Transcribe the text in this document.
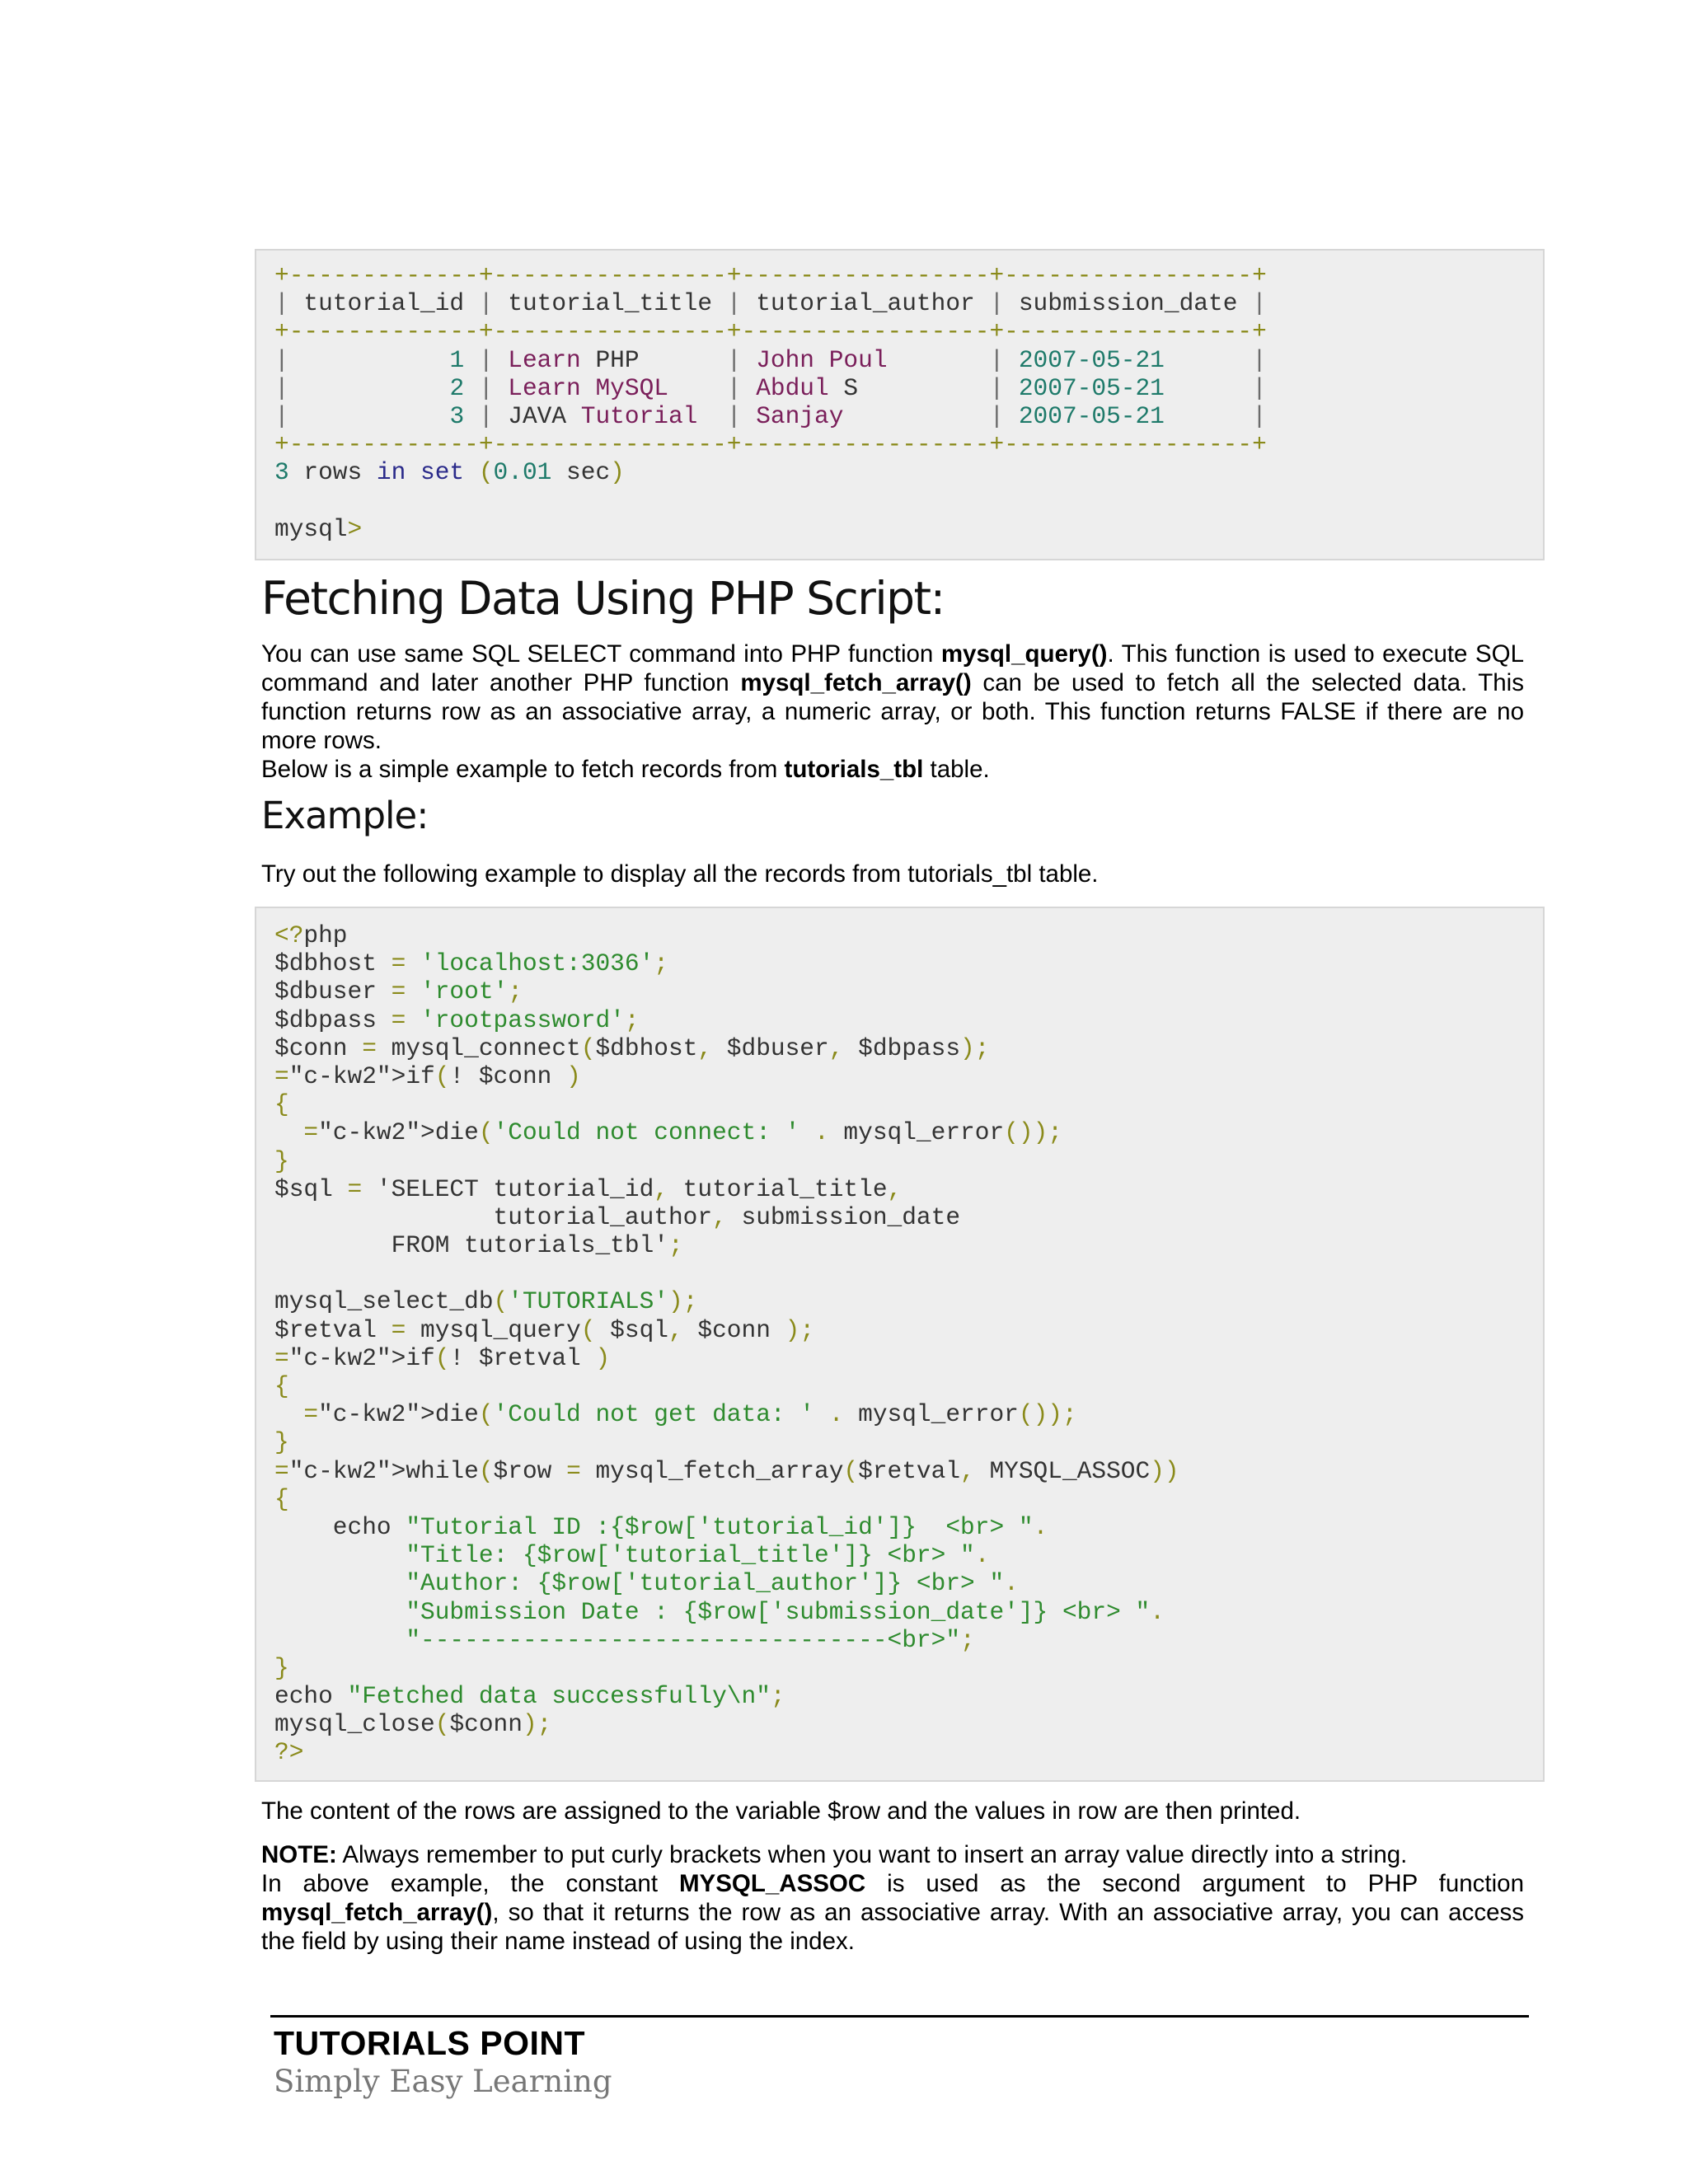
+-------------+----------------+-----------------+-----------------+
| tutorial_id | tutorial_title | tutorial_author | submission_date |
+-------------+----------------+-----------------+-----------------+
|	1 | Learn PHP      | John Poul	| 2007-05-21	|
|	2 | Learn MySQL | Abdul S         | 2007-05-21	|
|	3 | JAVA Tutorial | Sanjay	| 2007-05-21	|
+-------------+----------------+-----------------+-----------------+
3 rows in set (0.01 sec)
mysql>
Fetching Data Using PHP Script:
You can use same SQL SELECT command into PHP function mysql_query(). This function is used to execute SQL command and later another PHP function mysql_fetch_array() can be used to fetch all the selected data. This function returns row as an associative array, a numeric array, or both. This function returns FALSE if there are no more rows.
Below is a simple example to fetch records from tutorials_tbl table.
Example:
Try out the following example to display all the records from tutorials_tbl table.
<?php
$dbhost = 'localhost:3036';
$dbuser = 'root';
$dbpass = 'rootpassword';
$conn = mysql_connect($dbhost, $dbuser, $dbpass);
="c-kw2">if(! $conn )
{
="c-kw2">die('Could not connect: ' . mysql_error());
}
$sql = 'SELECT tutorial_id, tutorial_title,
tutorial_author, submission_date
FROM tutorials_tbl';
mysql_select_db('TUTORIALS');
$retval = mysql_query( $sql, $conn );
="c-kw2">if(! $retval )
{
="c-kw2">die('Could not get data: ' . mysql_error());
}
="c-kw2">while($row = mysql_fetch_array($retval, MYSQL_ASSOC))
{
echo "Tutorial ID :{$row['tutorial_id']}  <br> ".
"Title: {$row['tutorial_title']} <br> ".
"Author: {$row['tutorial_author']} <br> ".
"Submission Date : {$row['submission_date']} <br> ".
"--------------------------------<br>";
}
echo "Fetched data successfully\n";
mysql_close($conn);
?>
The content of the rows are assigned to the variable $row and the values in row are then printed.
NOTE: Always remember to put curly brackets when you want to insert an array value directly into a string.
In above example, the constant MYSQL_ASSOC is used as the second argument to PHP function mysql_fetch_array(), so that it returns the row as an associative array. With an associative array, you can access the field by using their name instead of using the index.
TUTORIALS POINT
Simply Easy Learning
